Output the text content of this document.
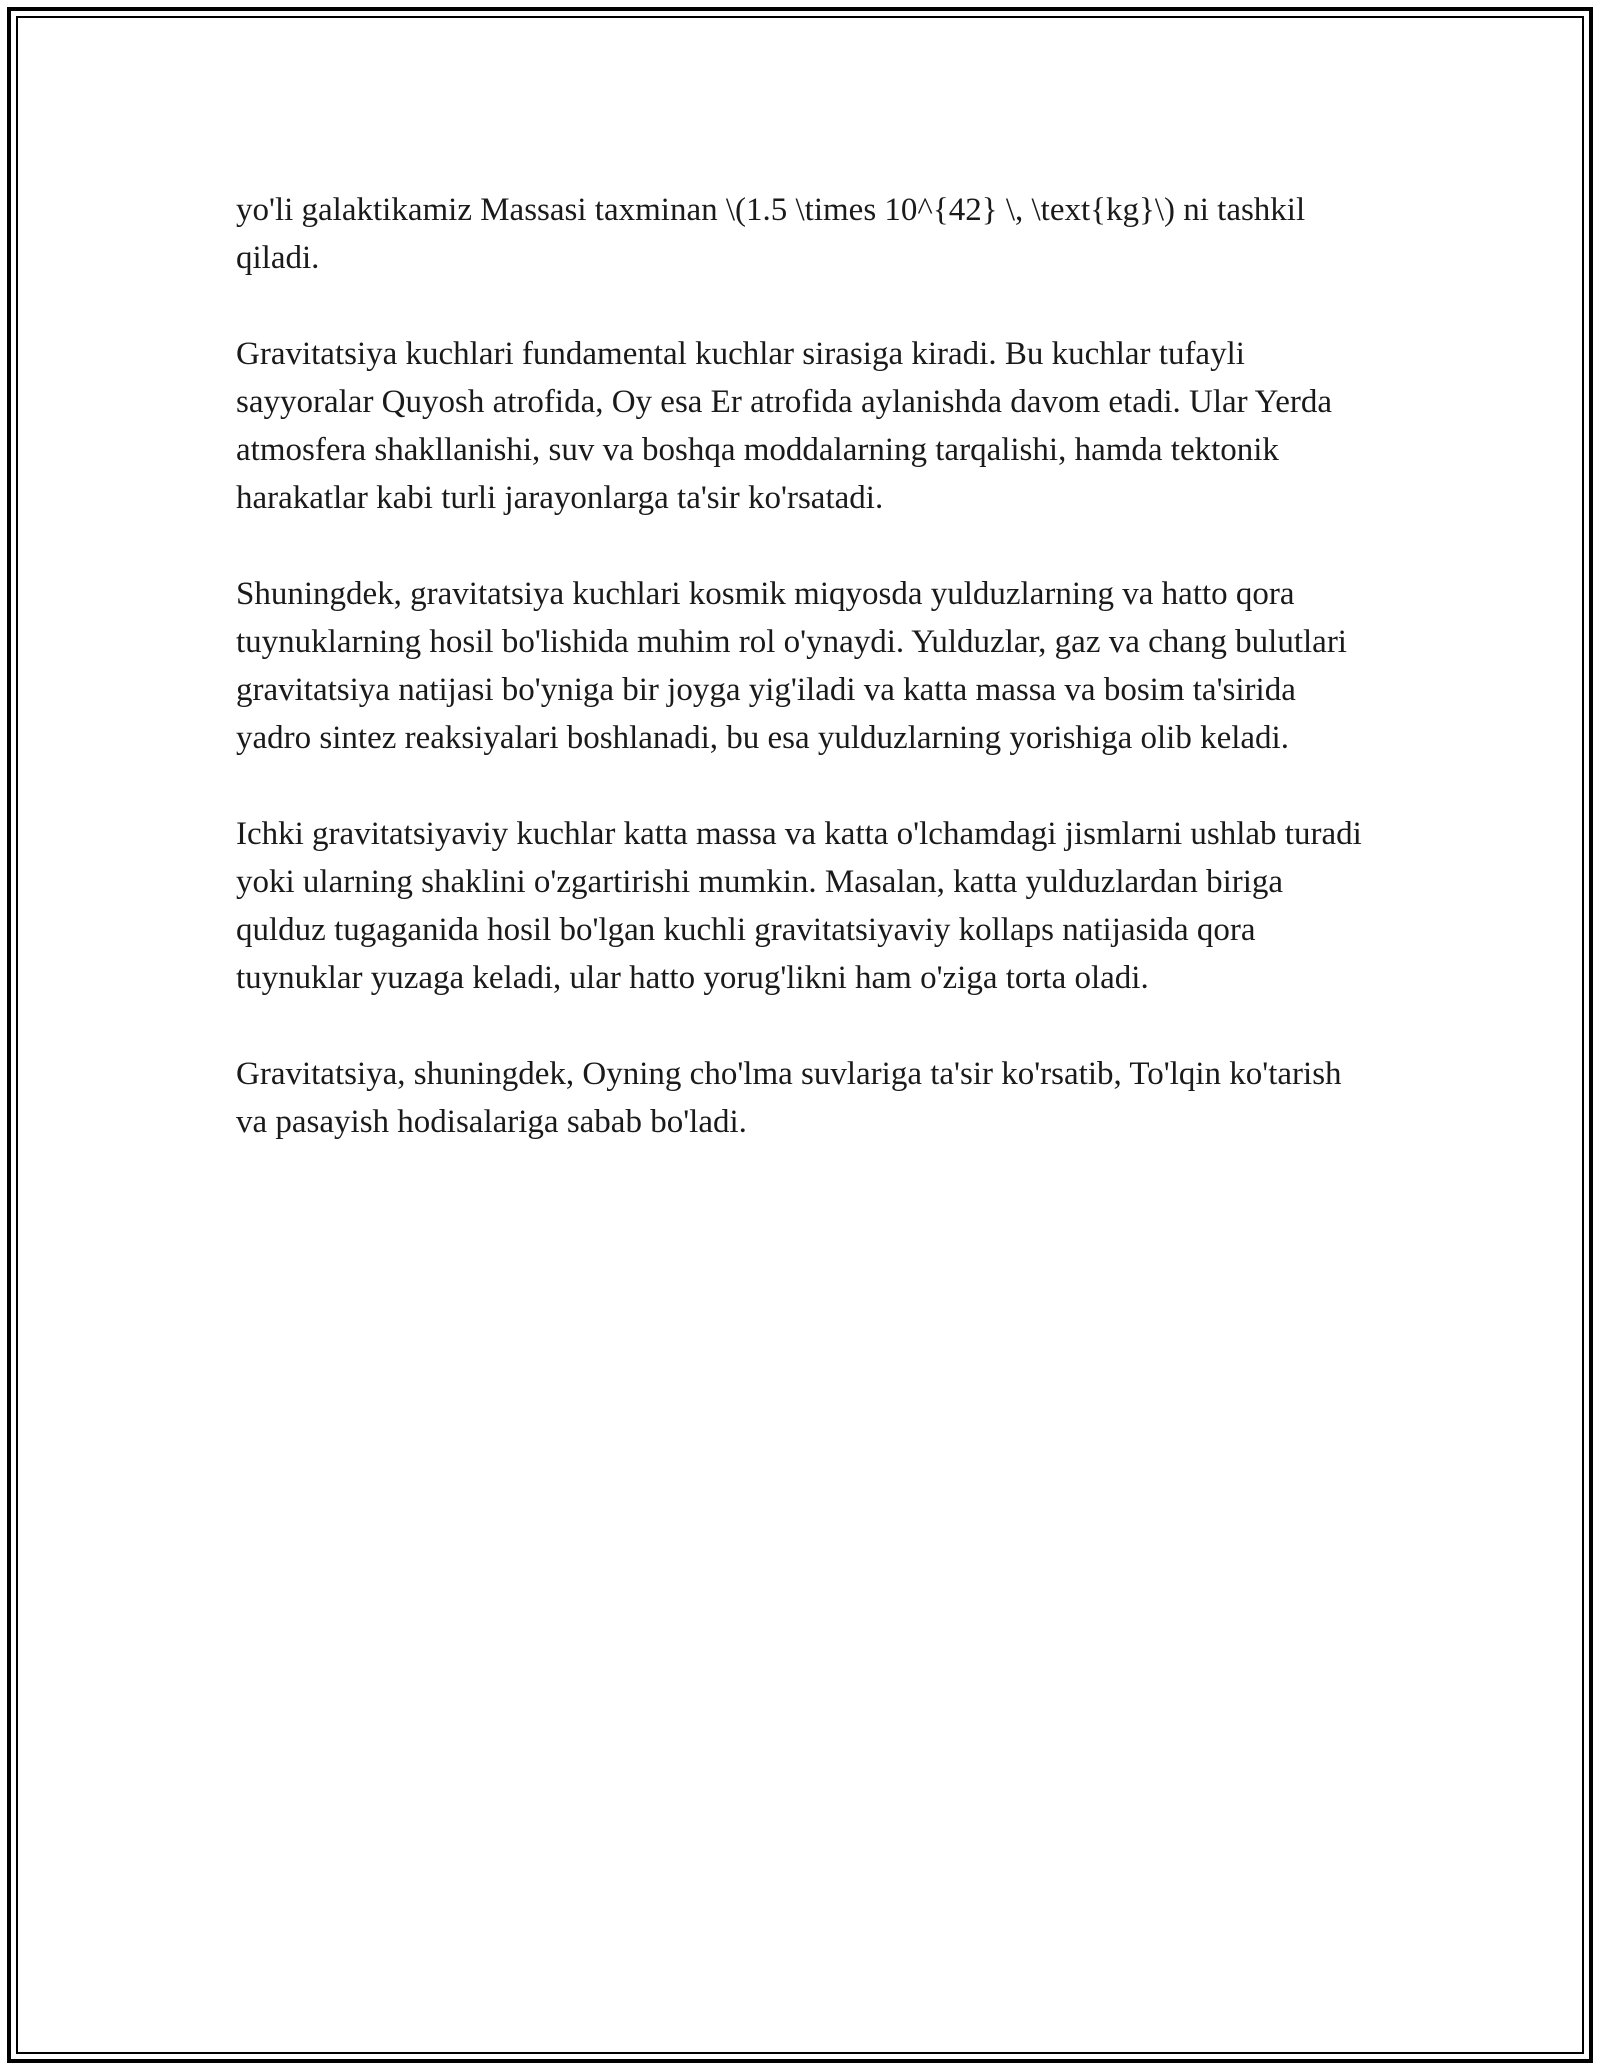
yo'li galaktikamiz Massasi taxminan \(1.5 \times 10^{42} \, \text{kg}\) ni tashkil qiladi.

Gravitatsiya kuchlari fundamental kuchlar sirasiga kiradi. Bu kuchlar tufayli sayyoralar Quyosh atrofida, Oy esa Er atrofida aylanishda davom etadi. Ular Yerda atmosfera shakllanishi, suv va boshqa moddalarning tarqalishi, hamda tektonik harakatlar kabi turli jarayonlarga ta'sir ko'rsatadi.

Shuningdek, gravitatsiya kuchlari kosmik miqyosda yulduzlarning va hatto qora tuynuklarning hosil bo'lishida muhim rol o'ynaydi. Yulduzlar, gaz va chang bulutlari gravitatsiya natijasi bo'yniga bir joyga yig'iladi va katta massa va bosim ta'sirida yadro sintez reaksiyalari boshlanadi, bu esa yulduzlarning yorishiga olib keladi.

Ichki gravitatsiyaviy kuchlar katta massa va katta o'lchamdagi jismlarni ushlab turadi yoki ularning shaklini o'zgartirishi mumkin. Masalan, katta yulduzlardan biriga qulduz tugaganida hosil bo'lgan kuchli gravitatsiyaviy kollaps natijasida qora tuynuklar yuzaga keladi, ular hatto yorug'likni ham o'ziga torta oladi.

Gravitatsiya, shuningdek, Oyning cho'lma suvlariga ta'sir ko'rsatib, To'lqin ko'tarish va pasayish hodisalariga sabab bo'ladi.
